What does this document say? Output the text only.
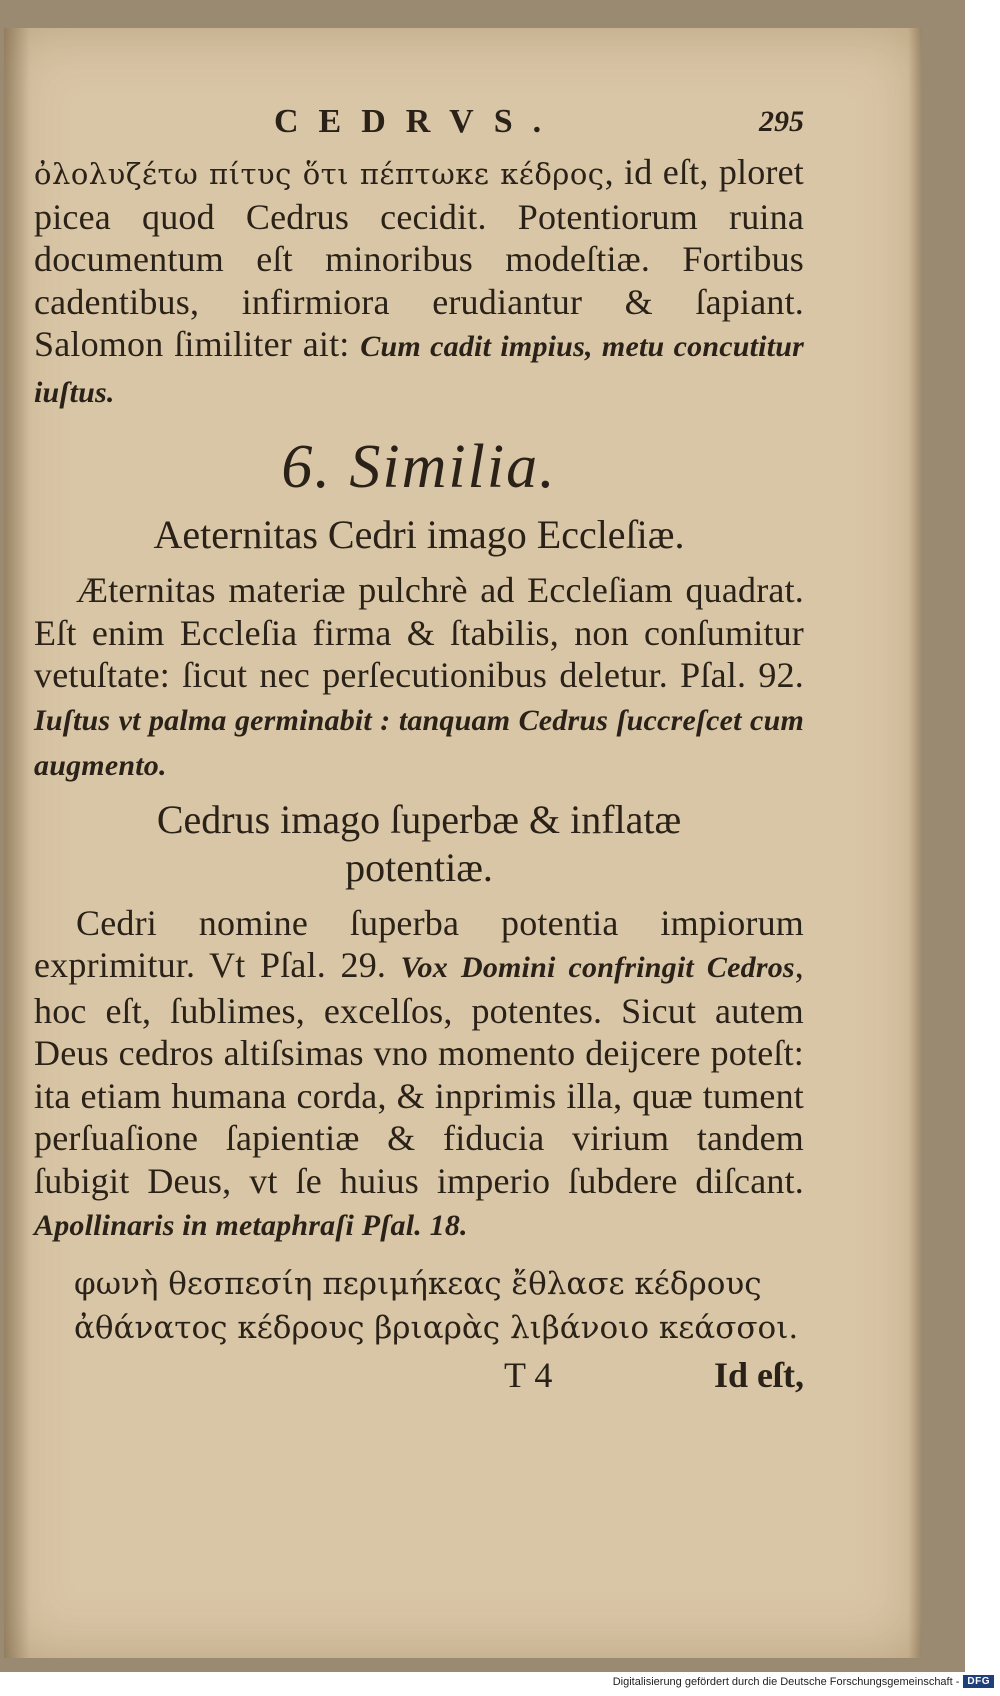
CEDRVS.	295

ὀλολυζέτω πίτυς ὅτι πέπτωκε κέδρος, id eſt, ploret picea quod Cedrus cecidit. Potentiorum ruina documentum eſt minoribus modeſtiæ. Fortibus cadentibus, infirmiora erudiantur & ſapiant. Salomon ſimiliter ait: Cum cadit impius, metu concutitur iuſtus.

6. Similia.
Aeternitas Cedri imago Eccleſiæ.

Æternitas materiæ pulchrè ad Eccleſiam quadrat. Eſt enim Eccleſia firma & ſtabilis, non conſumitur vetuſtate: ſicut nec perſecutionibus deletur. Pſal. 92. Iuſtus vt palma germinabit : tanquam Cedrus ſuccreſcet cum augmento.

Cedrus imago ſuperbæ & inflatæ potentiæ.

Cedri nomine ſuperba potentia impiorum exprimitur. Vt Pſal. 29. Vox Domini confringit Cedros, hoc eſt, ſublimes, excelſos, potentes. Sicut autem Deus cedros altiſsimas vno momento deijcere poteſt: ita etiam humana corda, & inprimis illa, quæ tument perſuaſione ſapientiæ & fiducia virium tandem ſubigit Deus, vt ſe huius imperio ſubdere diſcant. Apollinaris in metaphraſi Pſal. 18.

φωνὴ θεσπεσίη περιμήκεας ἔθλασε κέδρους
ἀθάνατος κέδρους βριαρὰς λιβάνοιο κεάσσοι.
T 4	Id eſt,
Digitalisierung gefördert durch die Deutsche Forschungsgemeinschaft - DFG
